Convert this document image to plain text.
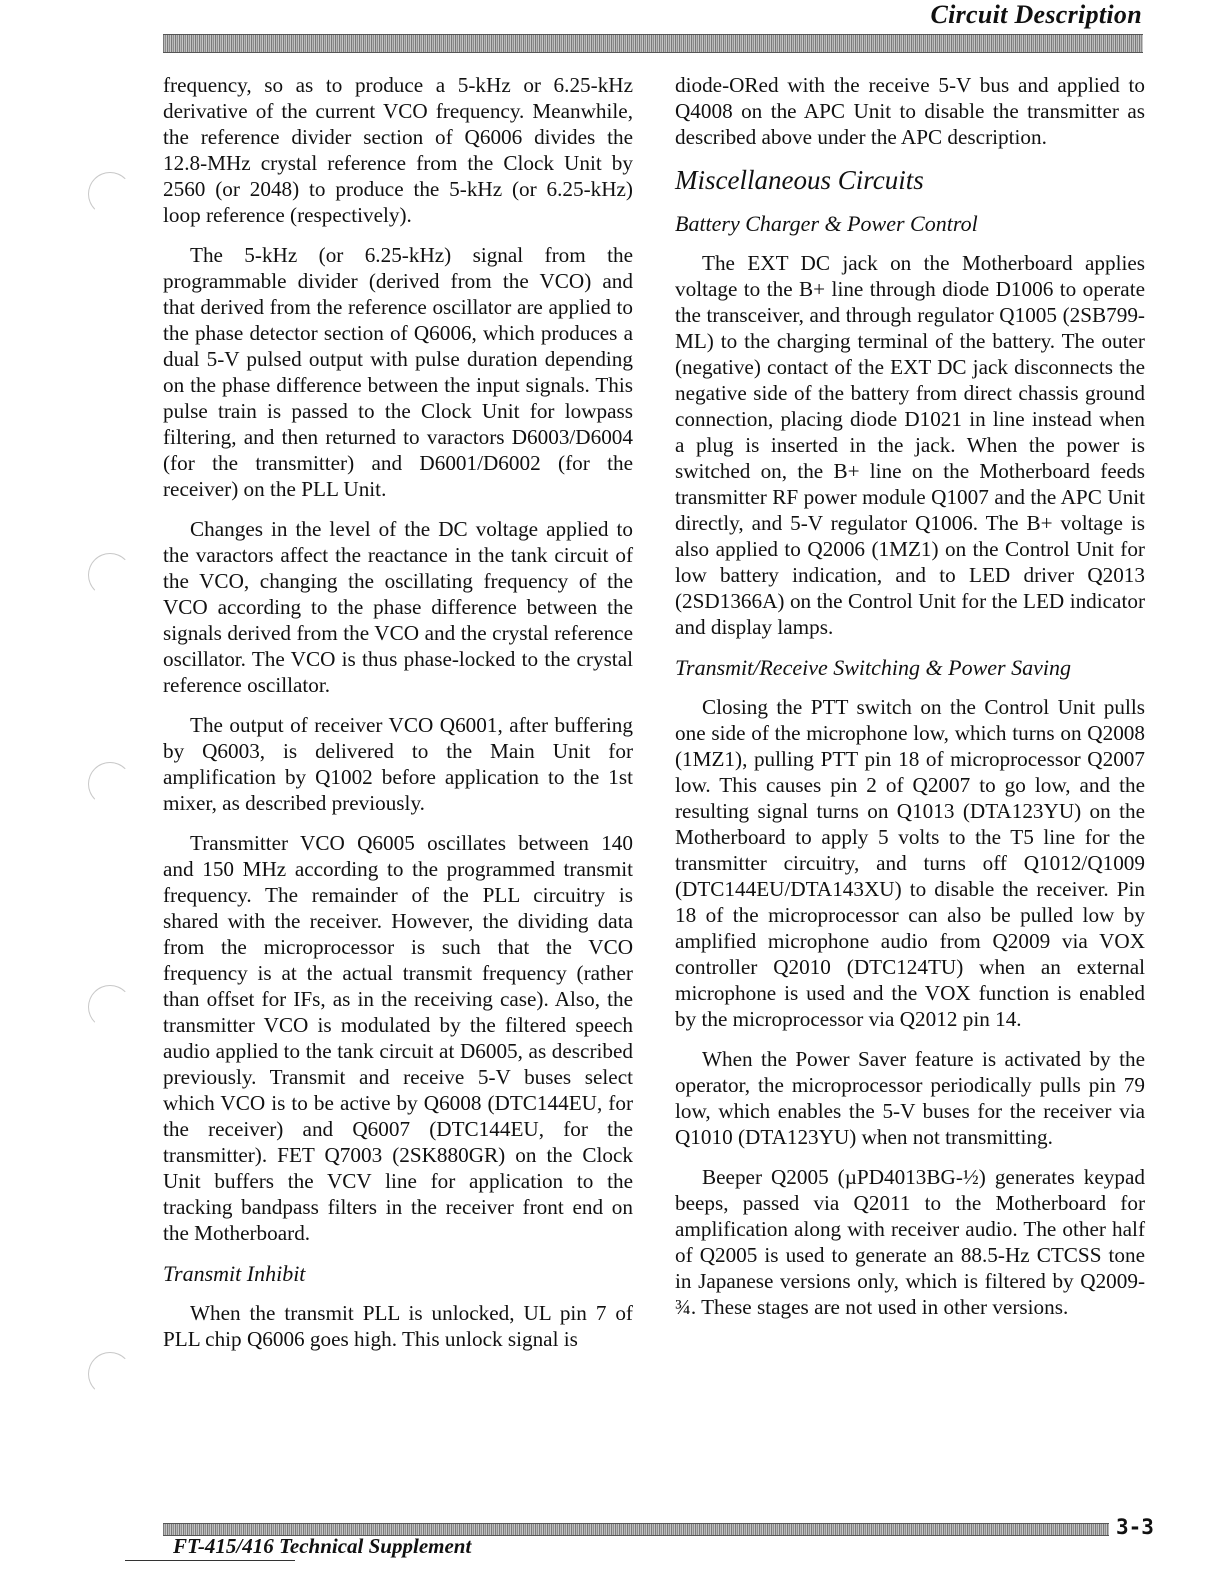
Circuit Description

frequency, so as to produce a 5-kHz or 6.25-kHz derivative of the current VCO frequency. Meanwhile, the reference divider section of Q6006 divides the 12.8-MHz crystal reference from the Clock Unit by 2560 (or 2048) to produce the 5-kHz (or 6.25-kHz) loop reference (respectively).

The 5-kHz (or 6.25-kHz) signal from the programmable divider (derived from the VCO) and that derived from the reference oscillator are applied to the phase detector section of Q6006, which produces a dual 5-V pulsed output with pulse duration depending on the phase difference between the input signals. This pulse train is passed to the Clock Unit for lowpass filtering, and then returned to varactors D6003/D6004 (for the transmitter) and D6001/D6002 (for the receiver) on the PLL Unit.

Changes in the level of the DC voltage applied to the varactors affect the reactance in the tank circuit of the VCO, changing the oscillating frequency of the VCO according to the phase difference between the signals derived from the VCO and the crystal reference oscillator. The VCO is thus phase-locked to the crystal reference oscillator.

The output of receiver VCO Q6001, after buffering by Q6003, is delivered to the Main Unit for amplification by Q1002 before application to the 1st mixer, as described previously.

Transmitter VCO Q6005 oscillates between 140 and 150 MHz according to the programmed transmit frequency. The remainder of the PLL circuitry is shared with the receiver. However, the dividing data from the microprocessor is such that the VCO frequency is at the actual transmit frequency (rather than offset for IFs, as in the receiving case). Also, the transmitter VCO is modulated by the filtered speech audio applied to the tank circuit at D6005, as described previously. Transmit and receive 5-V buses select which VCO is to be active by Q6008 (DTC144EU, for the receiver) and Q6007 (DTC144EU, for the transmitter). FET Q7003 (2SK880GR) on the Clock Unit buffers the VCV line for application to the tracking bandpass filters in the receiver front end on the Motherboard.

Transmit Inhibit

When the transmit PLL is unlocked, UL pin 7 of PLL chip Q6006 goes high. This unlock signal is

diode-ORed with the receive 5-V bus and applied to Q4008 on the APC Unit to disable the transmitter as described above under the APC description.

Miscellaneous Circuits
Battery Charger & Power Control

The EXT DC jack on the Motherboard applies voltage to the B+ line through diode D1006 to operate the transceiver, and through regulator Q1005 (2SB799-ML) to the charging terminal of the battery. The outer (negative) contact of the EXT DC jack disconnects the negative side of the battery from direct chassis ground connection, placing diode D1021 in line instead when a plug is inserted in the jack. When the power is switched on, the B+ line on the Motherboard feeds transmitter RF power module Q1007 and the APC Unit directly, and 5-V regulator Q1006. The B+ voltage is also applied to Q2006 (1MZ1) on the Control Unit for low battery indication, and to LED driver Q2013 (2SD1366A) on the Control Unit for the LED indicator and display lamps.

Transmit/Receive Switching & Power Saving

Closing the PTT switch on the Control Unit pulls one side of the microphone low, which turns on Q2008 (1MZ1), pulling PTT pin 18 of microprocessor Q2007 low. This causes pin 2 of Q2007 to go low, and the resulting signal turns on Q1013 (DTA123YU) on the Motherboard to apply 5 volts to the T5 line for the transmitter circuitry, and turns off Q1012/Q1009 (DTC144EU/DTA143XU) to disable the receiver. Pin 18 of the microprocessor can also be pulled low by amplified microphone audio from Q2009 via VOX controller Q2010 (DTC124TU) when an external microphone is used and the VOX function is enabled by the microprocessor via Q2012 pin 14.

When the Power Saver feature is activated by the operator, the microprocessor periodically pulls pin 79 low, which enables the 5-V buses for the receiver via Q1010 (DTA123YU) when not transmitting.

Beeper Q2005 (µPD4013BG-½) generates keypad beeps, passed via Q2011 to the Motherboard for amplification along with receiver audio. The other half of Q2005 is used to generate an 88.5-Hz CTCSS tone in Japanese versions only, which is filtered by Q2009-¾. These stages are not used in other versions.

3-3
FT-415/416 Technical Supplement
